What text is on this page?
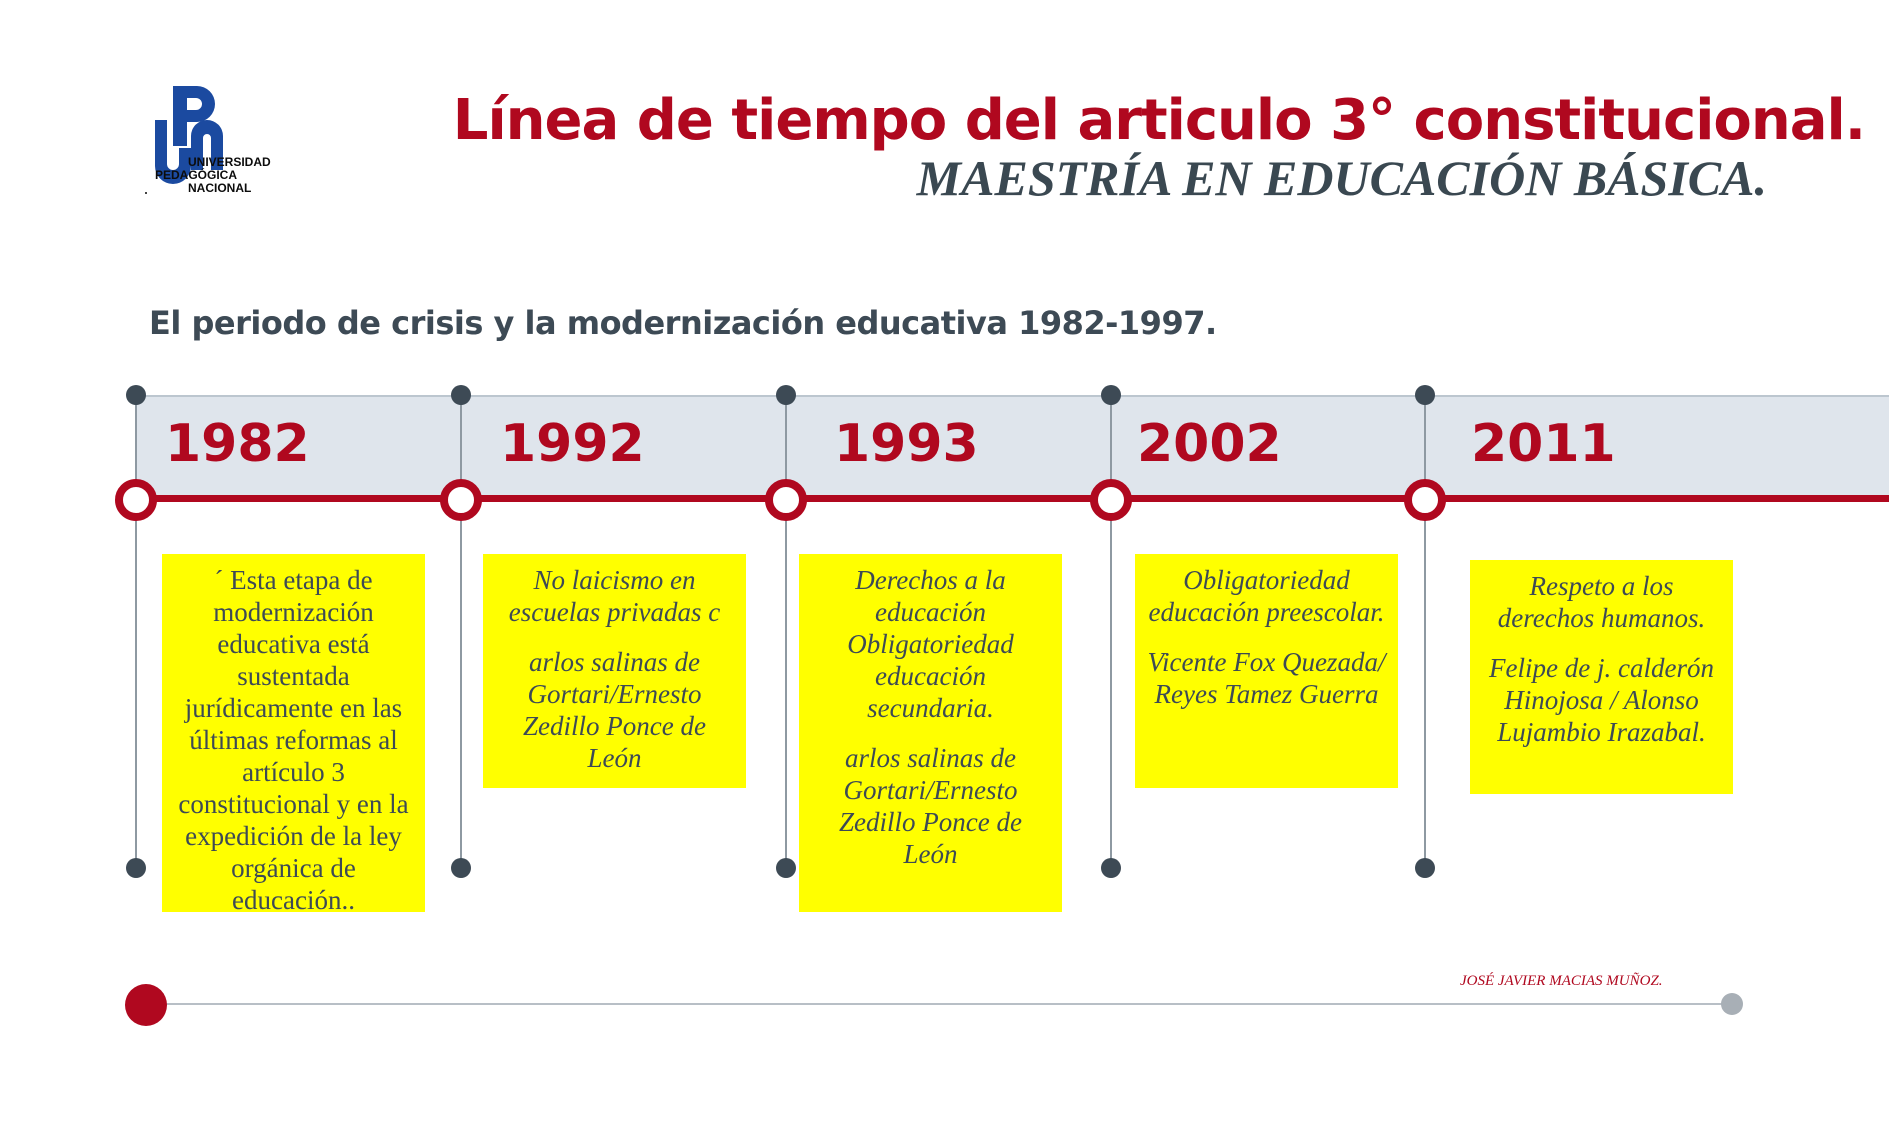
UNIVERSIDAD
PEDAGÓGICA
NACIONAL
Línea de tiempo del articulo 3° constitucional.
MAESTRÍA EN EDUCACIÓN BÁSICA.
El periodo de crisis y la modernización educativa 1982-1997.
1982	1992	1993	2002	2011

´ Esta etapa de modernización educativa está sustentada jurídicamente en las últimas reformas al artículo 3 constitucional y en la expedición de la ley orgánica de educación..

No laicismo en escuelas privadas c

arlos salinas de Gortari/Ernesto Zedillo Ponce de León

Derechos a la educación Obligatoriedad educación secundaria.

arlos salinas de Gortari/Ernesto Zedillo Ponce de León

Obligatoriedad educación preescolar.

Vicente Fox Quezada/ Reyes Tamez Guerra

Respeto a los derechos humanos.

Felipe de j. calderón Hinojosa / Alonso Lujambio Irazabal.

JOSÉ JAVIER MACIAS MUÑOZ.
